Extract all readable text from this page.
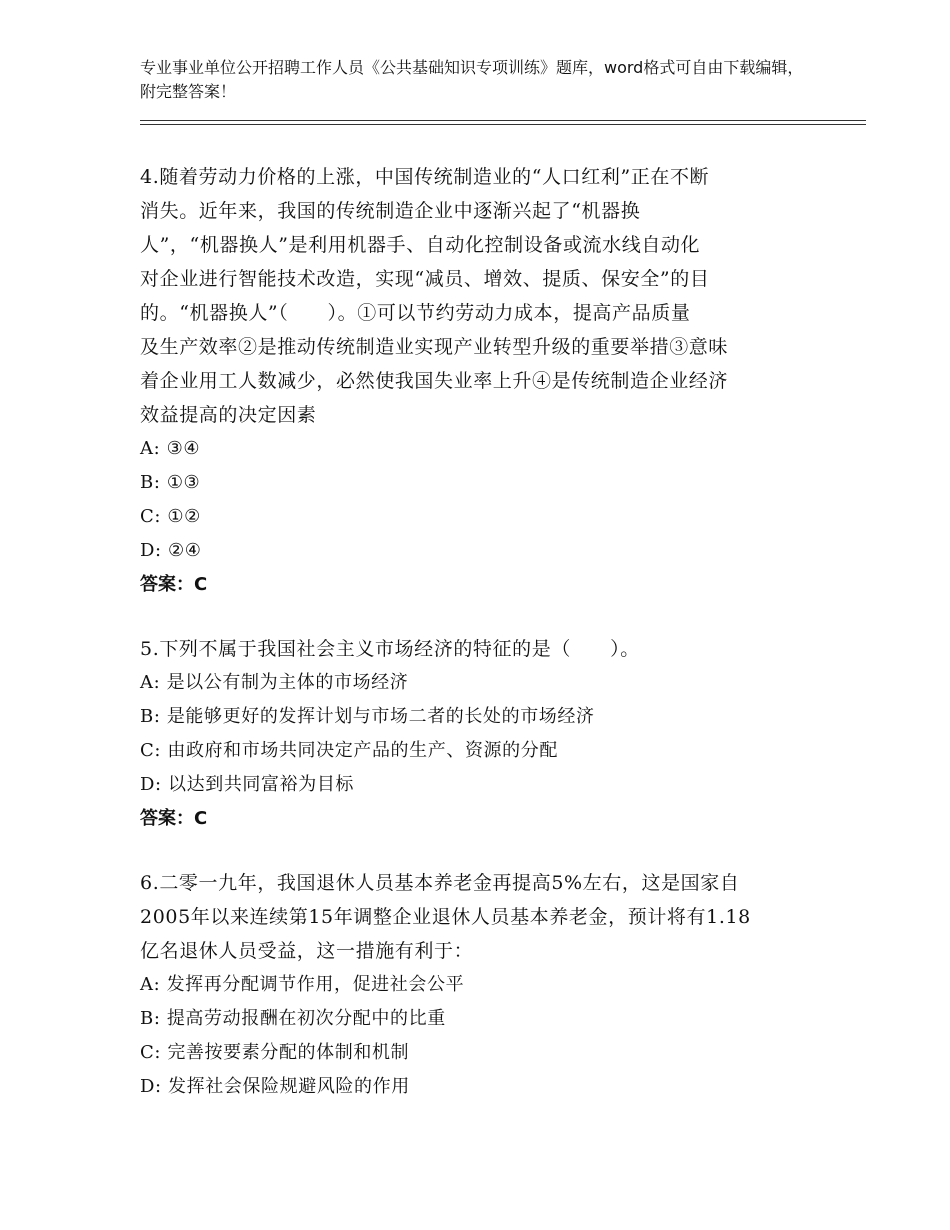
专业事业单位公开招聘工作人员《公共基础知识专项训练》题库，word格式可自由下载编辑，附完整答案！
4.随着劳动力价格的上涨，中国传统制造业的“人口红利”正在不断
消失。近年来，我国的传统制造企业中逐渐兴起了“机器换
人”，“机器换人”是利用机器手、自动化控制设备或流水线自动化
对企业进行智能技术改造，实现“减员、增效、提质、保安全”的目
的。“机器换人”（　　）。①可以节约劳动力成本，提高产品质量
及生产效率②是推动传统制造业实现产业转型升级的重要举措③意味
着企业用工人数减少，必然使我国失业率上升④是传统制造企业经济
效益提高的决定因素
A: ③④
B: ①③
C: ①②
D: ②④
答案：C
5.下列不属于我国社会主义市场经济的特征的是（　　）。
A: 是以公有制为主体的市场经济
B: 是能够更好的发挥计划与市场二者的长处的市场经济
C: 由政府和市场共同决定产品的生产、资源的分配
D: 以达到共同富裕为目标
答案：C
6.二零一九年，我国退休人员基本养老金再提高5%左右，这是国家自
2005年以来连续第15年调整企业退休人员基本养老金，预计将有1.18
亿名退休人员受益，这一措施有利于：
A: 发挥再分配调节作用，促进社会公平
B: 提高劳动报酬在初次分配中的比重
C: 完善按要素分配的体制和机制
D: 发挥社会保险规避风险的作用
